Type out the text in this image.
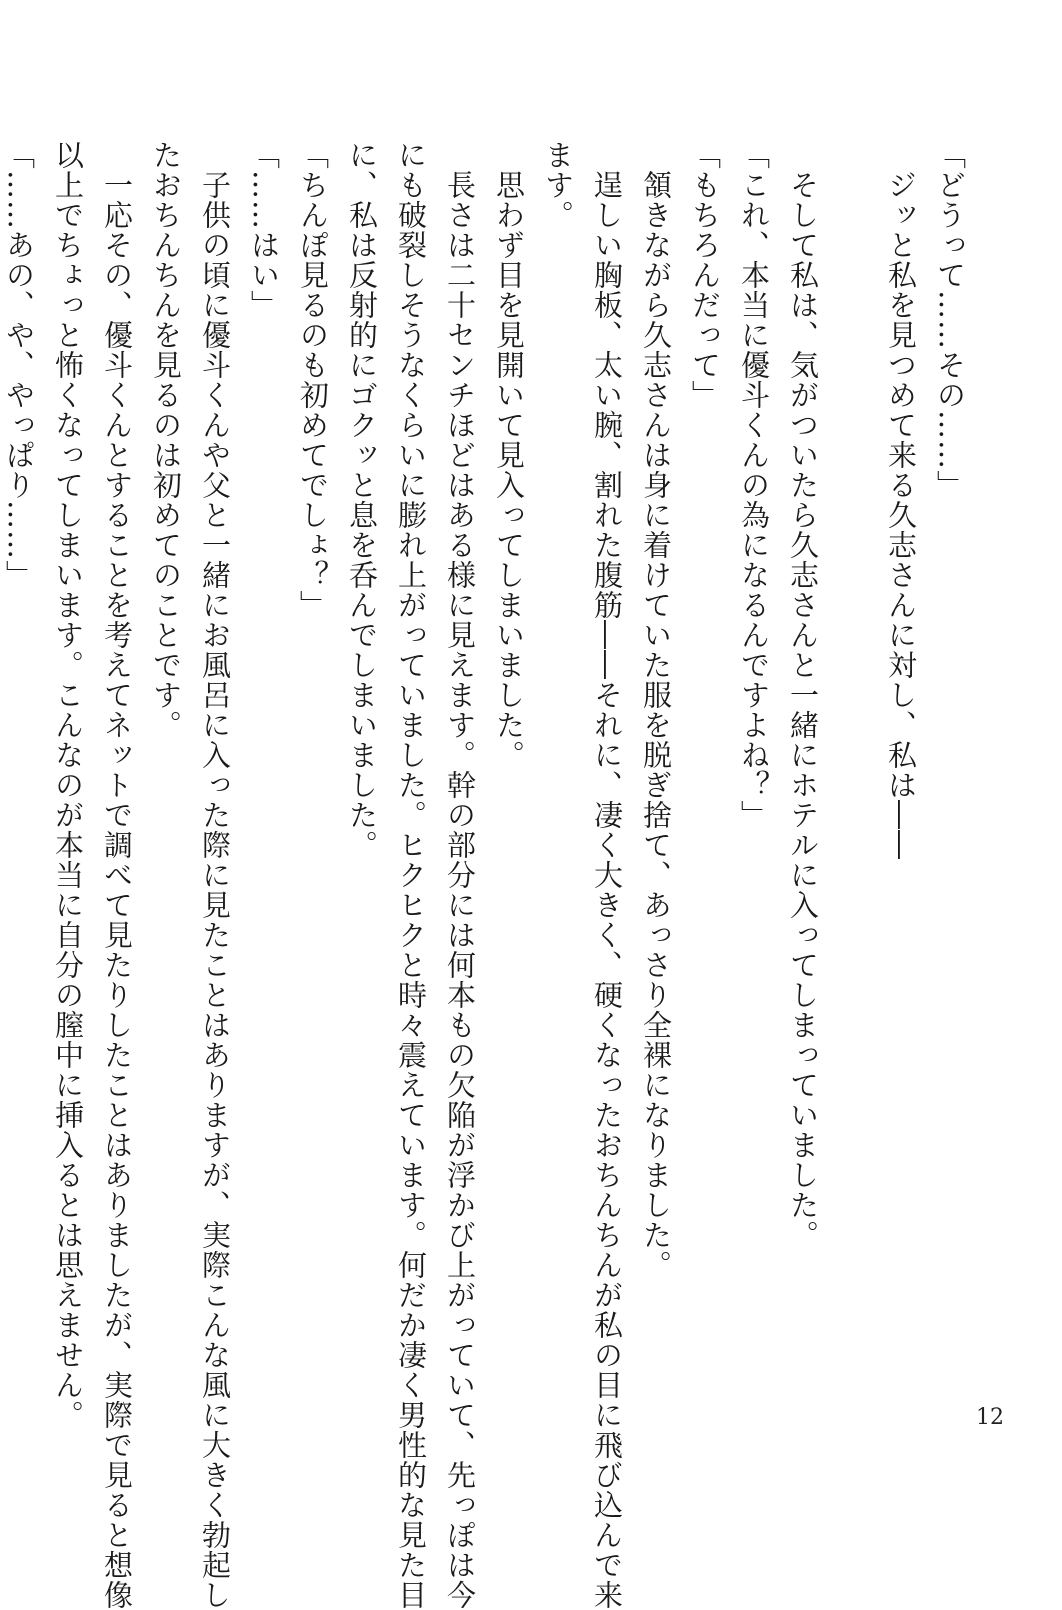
「どうって……その……」
　ジッと私を見つめて来る久志さんに対し、私は――
　そして私は、気がついたら久志さんと一緒にホテルに入ってしまっていました。
「これ、本当に優斗くんの為になるんですよね？」
「もちろんだって」
　頷きながら久志さんは身に着けていた服を脱ぎ捨て、あっさり全裸になりました。
　逞しい胸板、太い腕、割れた腹筋――それに、凄く大きく、硬くなったおちんちんが私の目に飛び込んで来
ます。
　思わず目を見開いて見入ってしまいました。
　長さは二十センチほどはある様に見えます。幹の部分には何本もの欠陥が浮かび上がっていて、先っぽは今
にも破裂しそうなくらいに膨れ上がっていました。ヒクヒクと時々震えています。何だか凄く男性的な見た目
に、私は反射的にゴクッと息を呑んでしまいました。
「ちんぽ見るのも初めてでしょ？」
「……はい」
　子供の頃に優斗くんや父と一緒にお風呂に入った際に見たことはありますが、実際こんな風に大きく勃起し
たおちんちんを見るのは初めてのことです。
　一応その、優斗くんとすることを考えてネットで調べて見たりしたことはありましたが、実際で見ると想像
以上でちょっと怖くなってしまいます。こんなのが本当に自分の膣中に挿入るとは思えません。
「……あの、や、やっぱり……」
12
